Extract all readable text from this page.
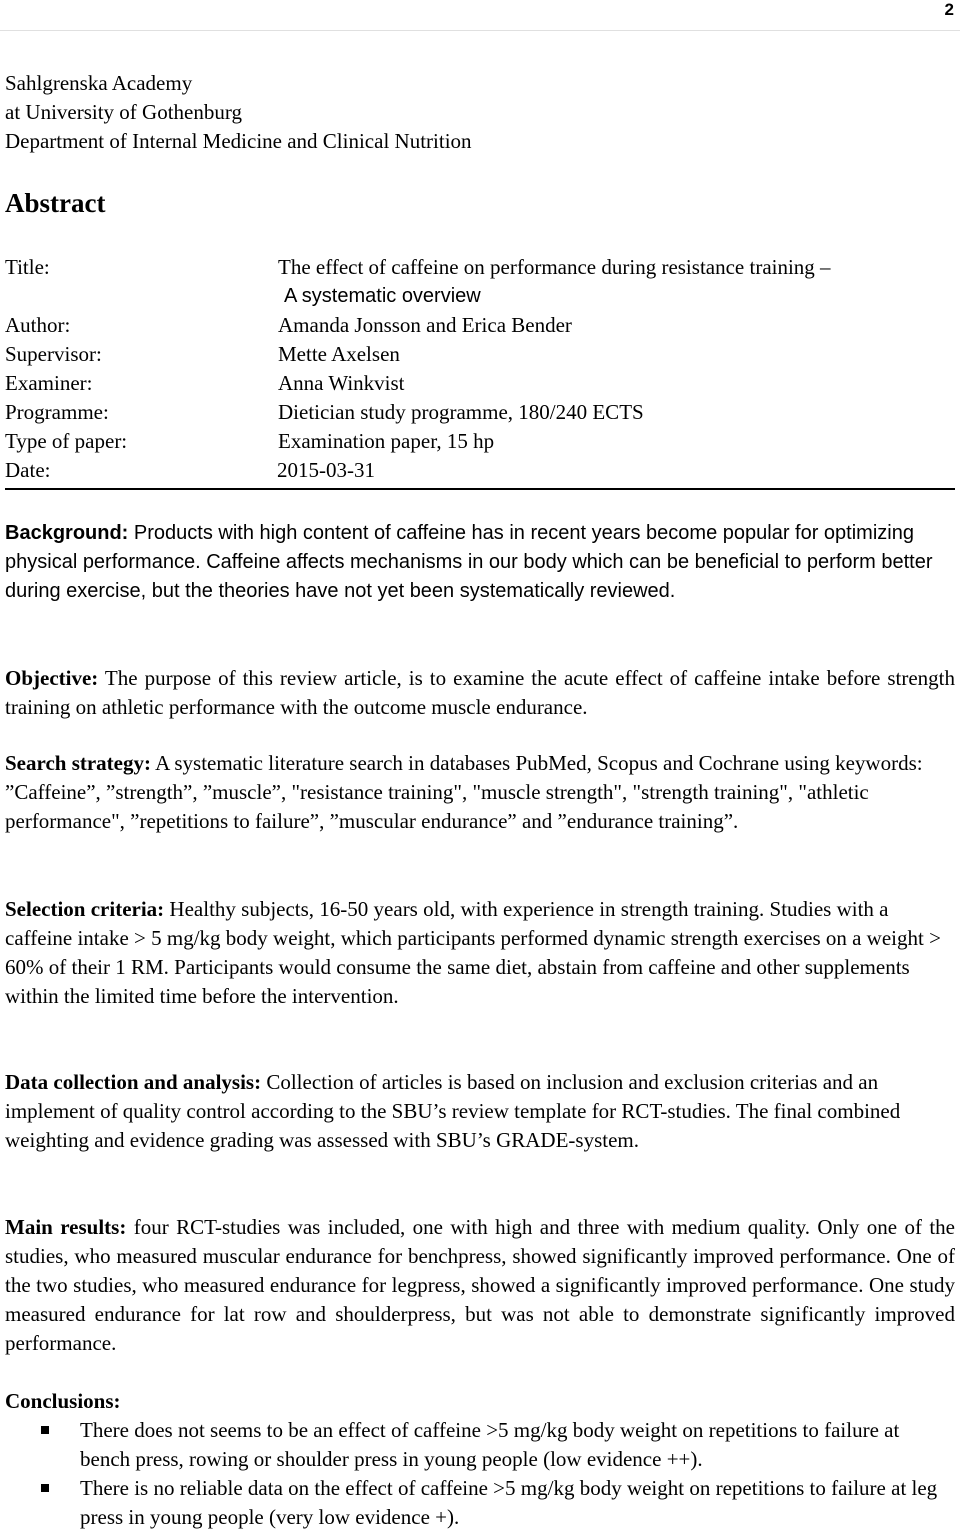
2
Sahlgrenska Academy
at University of Gothenburg
Department of Internal Medicine and Clinical Nutrition
Abstract
Title:	The effect of caffeine on performance during resistance training –
A systematic overview
Author:	Amanda Jonsson and Erica Bender
Supervisor:	Mette Axelsen
Examiner:	Anna Winkvist
Programme:	Dietician study programme, 180/240 ECTS
Type of paper:	Examination paper, 15 hp
Date:	2015-03-31
Background: Products with high content of caffeine has in recent years become popular for optimizing physical performance. Caffeine affects mechanisms in our body which can be beneficial to perform better during exercise, but the theories have not yet been systematically reviewed.
Objective: The purpose of this review article, is to examine the acute effect of caffeine intake before strength training on athletic performance with the outcome muscle endurance.
Search strategy: A systematic literature search in databases PubMed, Scopus and Cochrane using keywords: ”Caffeine”, ”strength”, ”muscle”, "resistance training", "muscle strength", "strength training", "athletic performance", ”repetitions to failure”, ”muscular endurance” and ”endurance training”.
Selection criteria: Healthy subjects, 16-50 years old, with experience in strength training. Studies with a caffeine intake > 5 mg/kg body weight, which participants performed dynamic strength exercises on a weight > 60% of their 1 RM. Participants would consume the same diet, abstain from caffeine and other supplements within the limited time before the intervention.
Data collection and analysis: Collection of articles is based on inclusion and exclusion criterias and an implement of quality control according to the SBU’s review template for RCT-studies. The final combined weighting and evidence grading was assessed with SBU’s GRADE-system.
Main results: four RCT-studies was included, one with high and three with medium quality. Only one of the studies, who measured muscular endurance for benchpress, showed significantly improved performance. One of the two studies, who measured endurance for legpress, showed a significantly improved performance. One study measured endurance for lat row and shoulderpress, but was not able to demonstrate significantly improved performance.
Conclusions:
There does not seems to be an effect of caffeine >5 mg/kg body weight on repetitions to failure at bench press, rowing or shoulder press in young people (low evidence ++).
There is no reliable data on the effect of caffeine >5 mg/kg body weight on repetitions to failure at leg press in young people (very low evidence +).
